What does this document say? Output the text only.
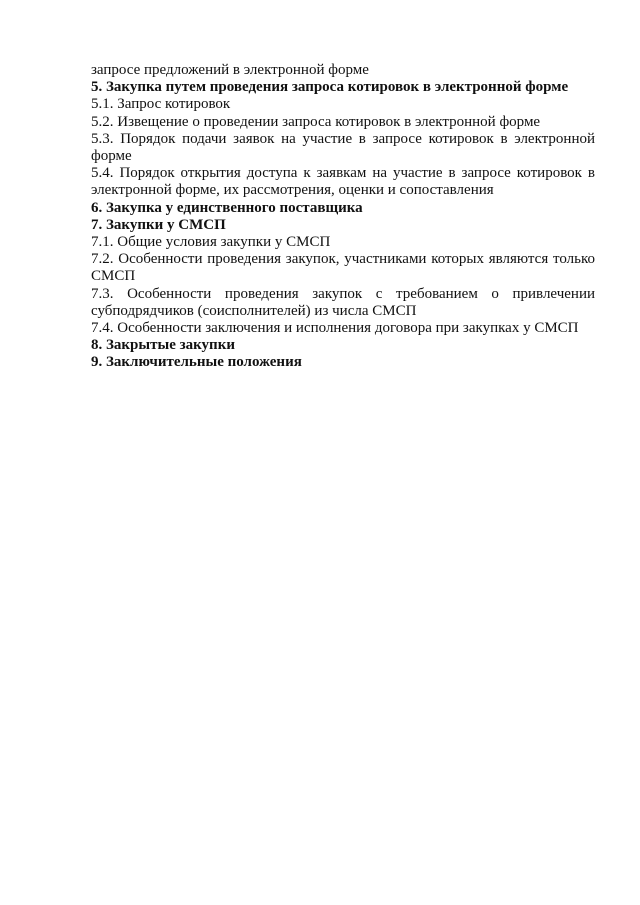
запросе предложений в электронной форме

5. Закупка путем проведения запроса котировок в электронной форме

5.1. Запрос котировок

5.2. Извещение о проведении запроса котировок в электронной форме

5.3. Порядок подачи заявок на участие в запросе котировок в электронной форме

5.4. Порядок открытия доступа к заявкам на участие в запросе котировок в электронной форме, их рассмотрения, оценки и сопоставления

6. Закупка у единственного поставщика

7. Закупки у СМСП

7.1. Общие условия закупки у СМСП

7.2. Особенности проведения закупок, участниками которых являются только СМСП

7.3. Особенности проведения закупок с требованием о привлечении субподрядчиков (соисполнителей) из числа СМСП

7.4. Особенности заключения и исполнения договора при закупках у СМСП

8. Закрытые закупки

9. Заключительные положения
